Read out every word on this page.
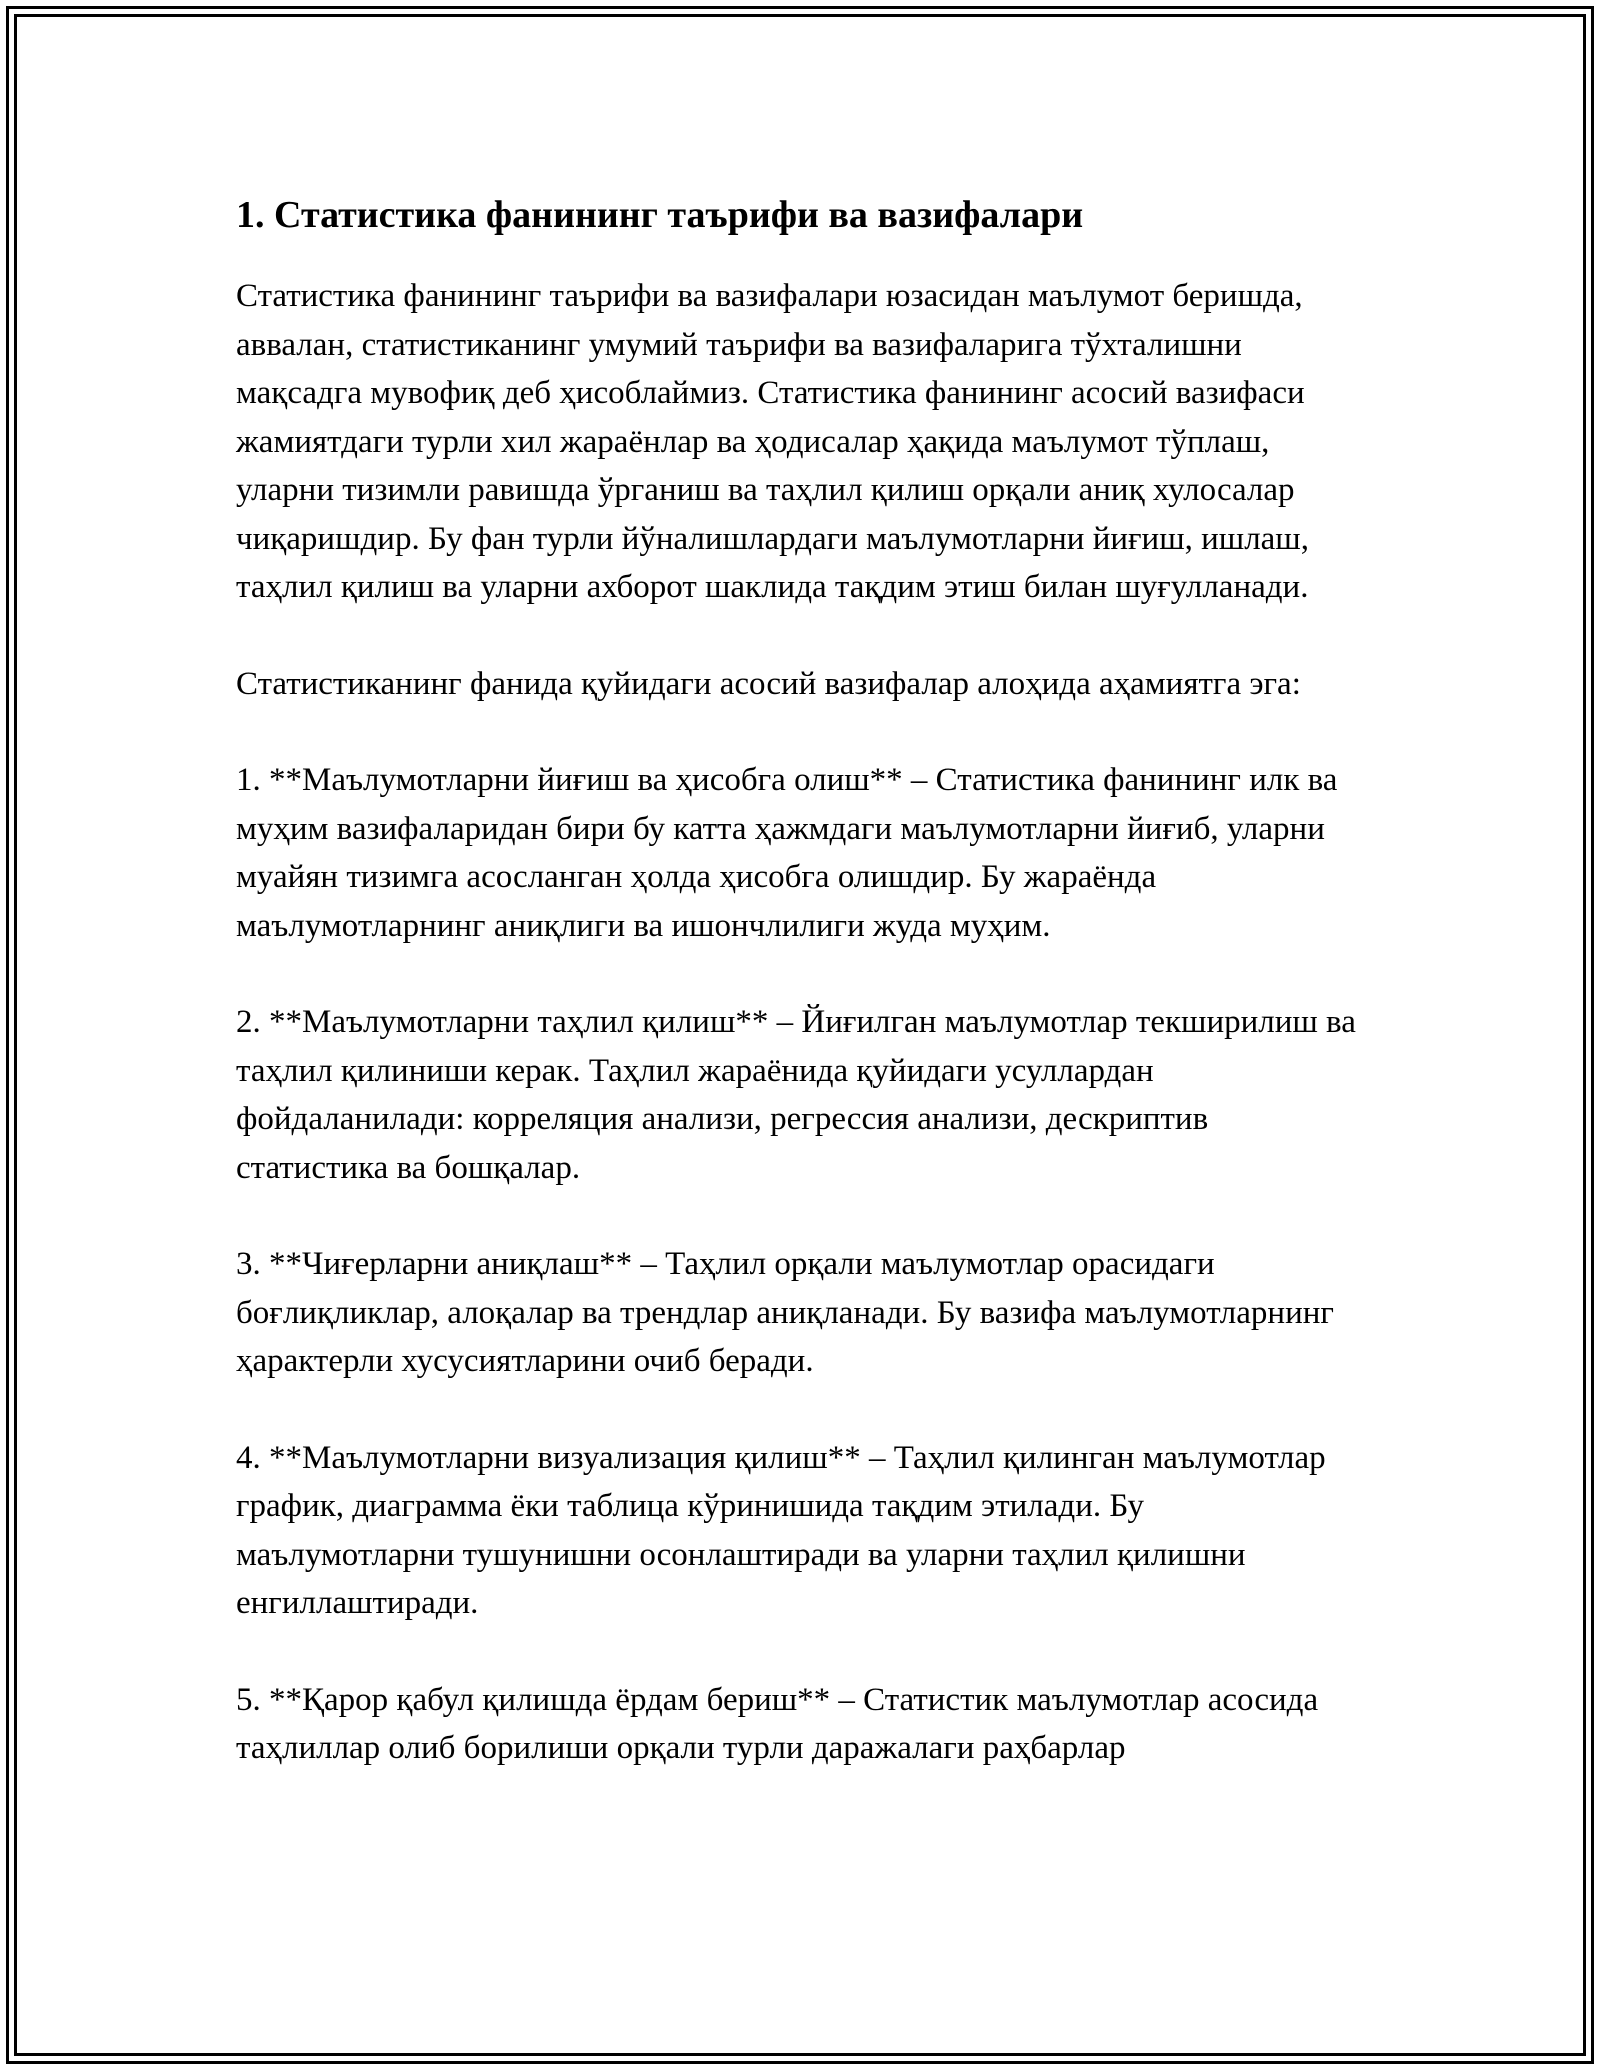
1. Статистика фанининг таърифи ва вазифалари

Статистика фанининг таърифи ва вазифалари юзасидан маълумот беришда, аввалан, статистиканинг умумий таърифи ва вазифаларига тўхталишни мақсадга мувофиқ деб ҳисоблаймиз. Статистика фанининг асосий вазифаси жамиятдаги турли хил жараёнлар ва ҳодисалар ҳақида маълумот тўплаш, уларни тизимли равишда ўрганиш ва таҳлил қилиш орқали аниқ хулосалар чиқаришдир. Бу фан турли йўналишлардаги маълумотларни йиғиш, ишлаш, таҳлил қилиш ва уларни ахборот шаклида тақдим этиш билан шуғулланади.

Статистиканинг фанида қуйидаги асосий вазифалар алоҳида аҳамиятга эга:

1. **Маълумотларни йиғиш ва ҳисобга олиш** – Статистика фанининг илк ва муҳим вазифаларидан бири бу катта ҳажмдаги маълумотларни йиғиб, уларни муайян тизимга асосланган ҳолда ҳисобга олишдир. Бу жараёнда маълумотларнинг аниқлиги ва ишончлилиги жуда муҳим.

2. **Маълумотларни таҳлил қилиш** – Йиғилган маълумотлар текширилиш ва таҳлил қилиниши керак. Таҳлил жараёнида қуйидаги усуллардан фойдаланилади: корреляция анализи, регрессия анализи, дескриптив статистика ва бошқалар.

3. **Чиғерларни аниқлаш** – Таҳлил орқали маълумотлар орасидаги боғлиқликлар, алоқалар ва трендлар аниқланади. Бу вазифа маълумотларнинг ҳарактерли хусусиятларини очиб беради.

4. **Маълумотларни визуализация қилиш** – Таҳлил қилинган маълумотлар график, диаграмма ёки таблица кўринишида тақдим этилади. Бу маълумотларни тушунишни осонлаштиради ва уларни таҳлил қилишни енгиллаштиради.

5. **Қарор қабул қилишда ёрдам бериш** – Статистик маълумотлар асосида таҳлиллар олиб борилиши орқали турли даражалаги раҳбарлар
